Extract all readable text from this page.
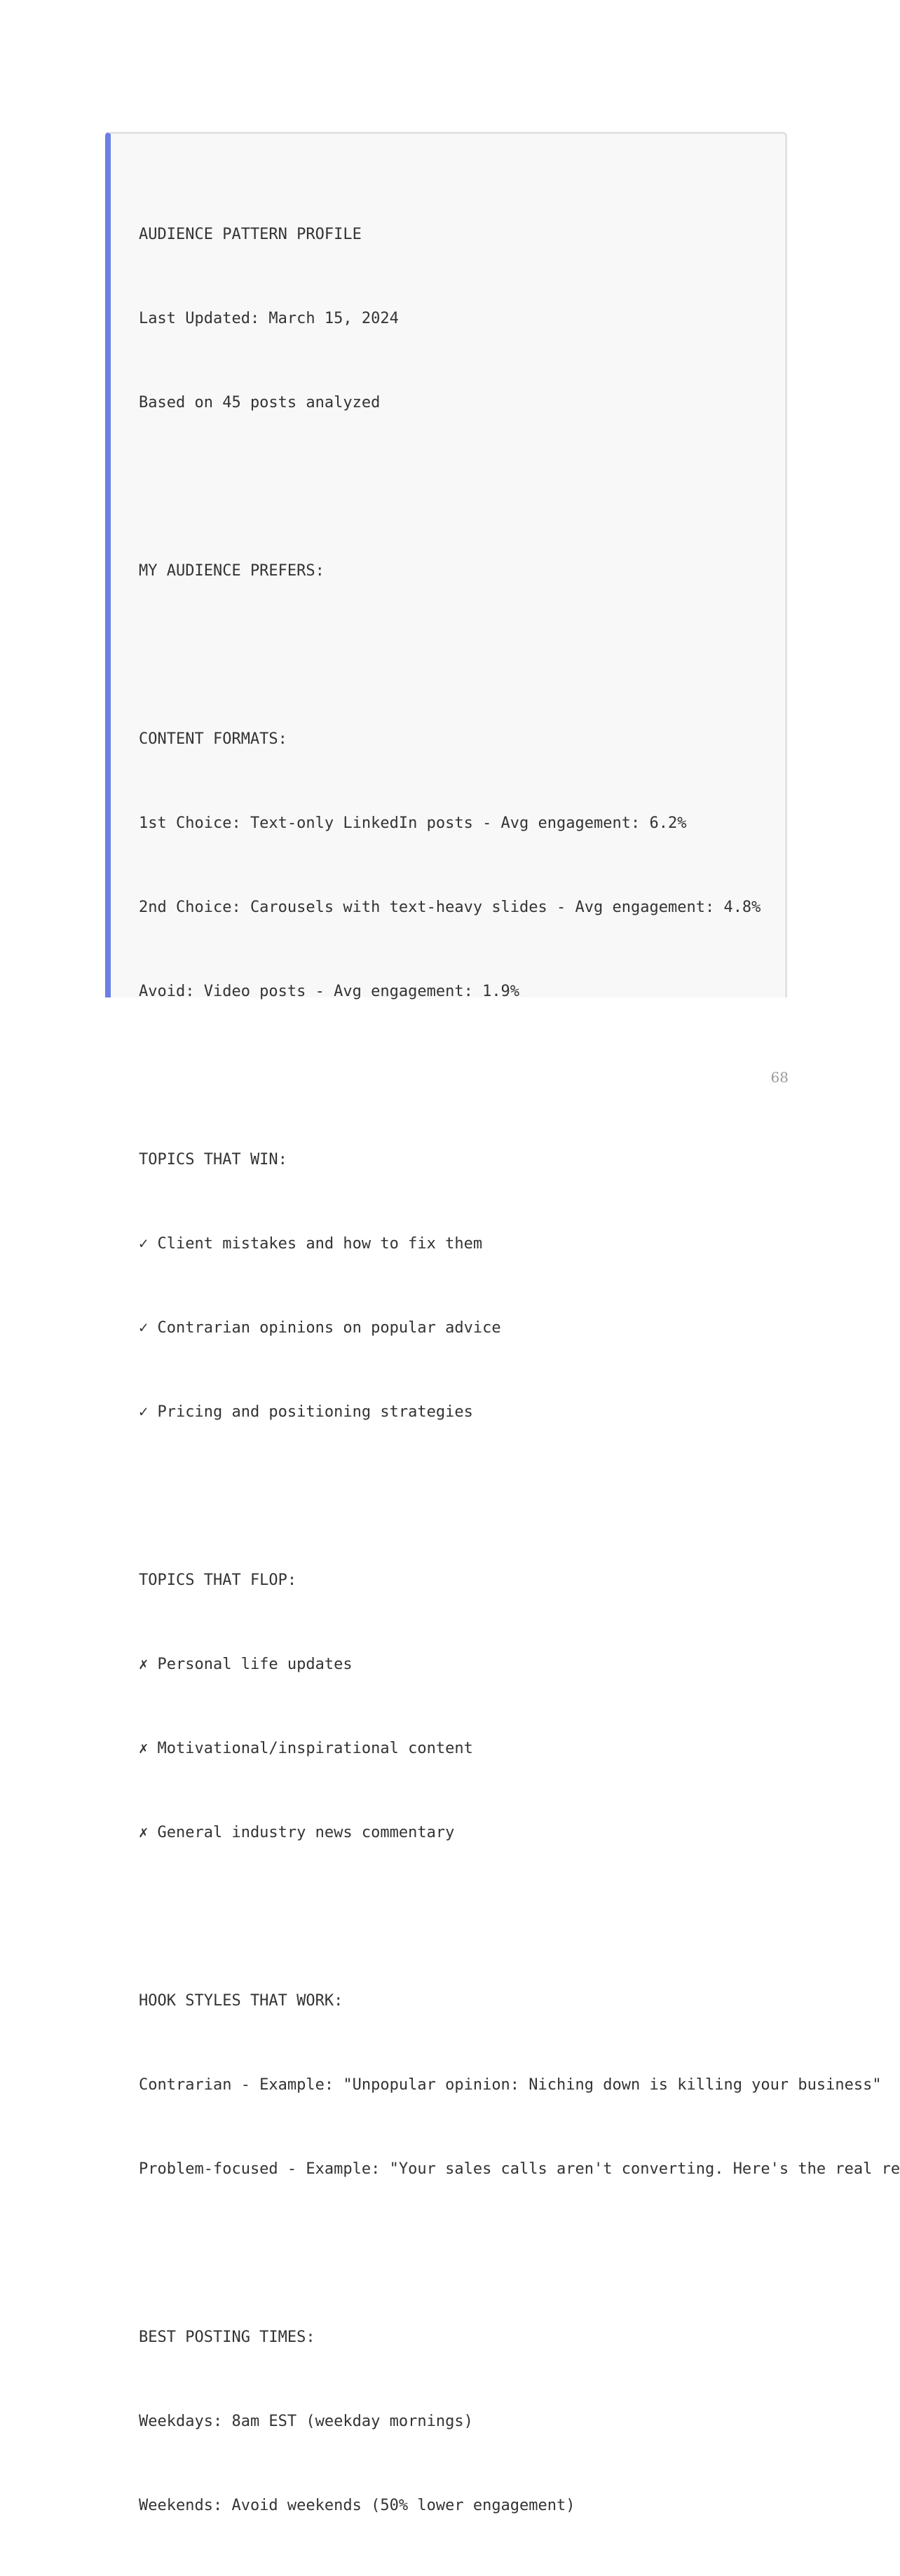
AUDIENCE PATTERN PROFILE

Last Updated: March 15, 2024

Based on 45 posts analyzed

MY AUDIENCE PREFERS:

CONTENT FORMATS:

1st Choice: Text-only LinkedIn posts - Avg engagement: 6.2%

2nd Choice: Carousels with text-heavy slides - Avg engagement: 4.8%

Avoid: Video posts - Avg engagement: 1.9%

TOPICS THAT WIN:

✓ Client mistakes and how to fix them

✓ Contrarian opinions on popular advice

✓ Pricing and positioning strategies

TOPICS THAT FLOP:

✗ Personal life updates

✗ Motivational/inspirational content

✗ General industry news commentary

HOOK STYLES THAT WORK:

Contrarian - Example: "Unpopular opinion: Niching down is killing your business"

Problem-focused - Example: "Your sales calls aren't converting. Here's the real re

BEST POSTING TIMES:

Weekdays: 8am EST (weekday mornings)

Weekends: Avoid weekends (50% lower engagement)

68
